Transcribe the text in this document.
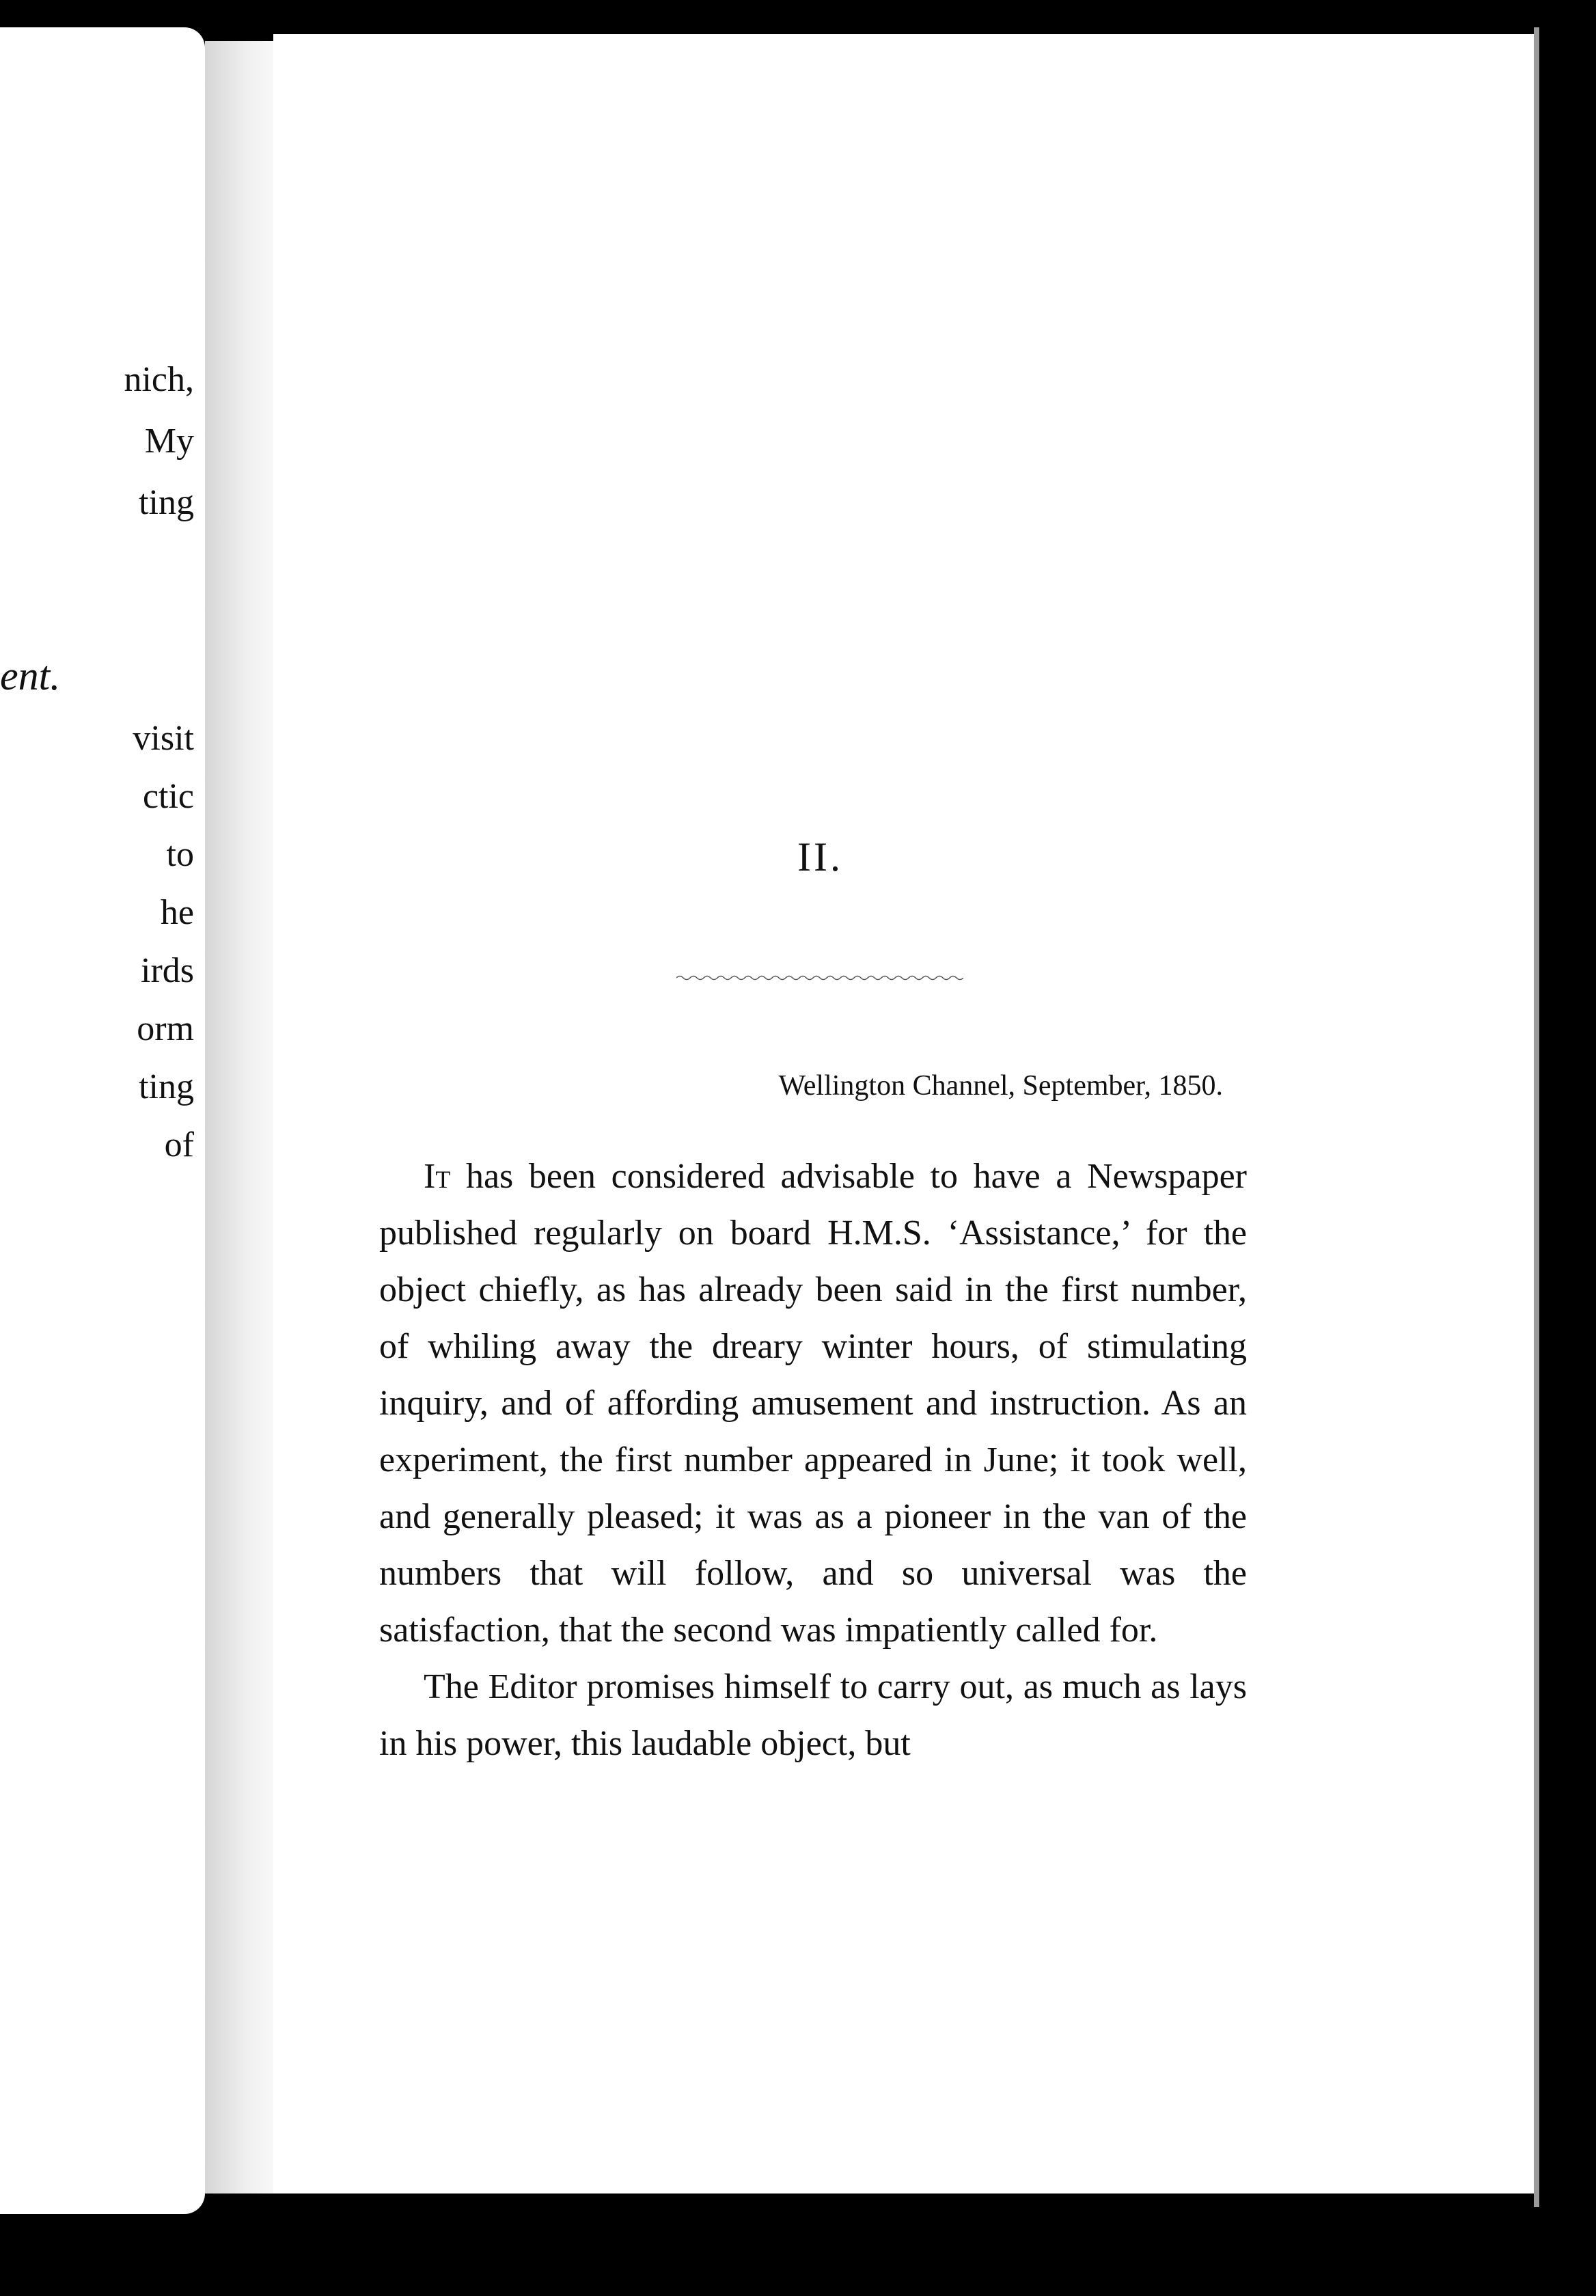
nich,
My
ting
ent.
visit
ctic
to
he
irds
orm
ting
of
II.
Wellington Channel, September, 1850.

It has been considered advisable to have a Newspaper published regularly on board H.M.S. ‘Assistance,’ for the object chiefly, as has already been said in the first number, of whiling away the dreary winter hours, of stimulating inquiry, and of affording amusement and instruction. As an experiment, the first number appeared in June; it took well, and generally pleased; it was as a pioneer in the van of the numbers that will follow, and so universal was the satisfaction, that the second was impatiently called for.

The Editor promises himself to carry out, as much as lays in his power, this laudable object, but
